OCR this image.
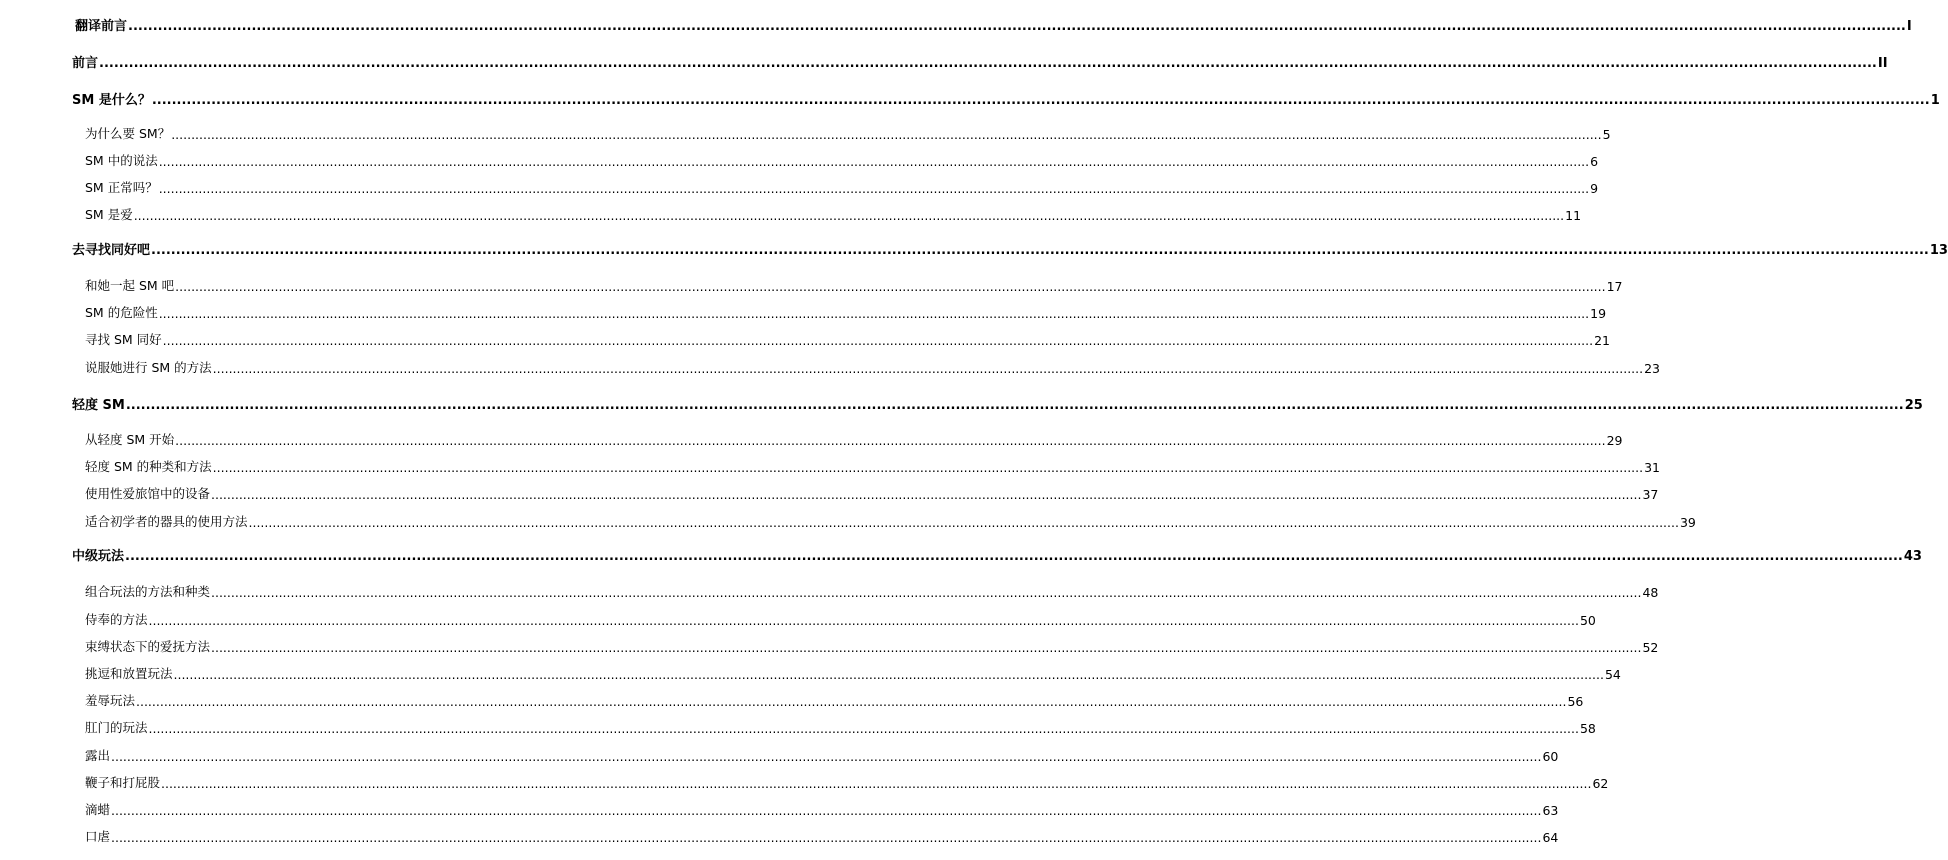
翻译前言 .....	I
前言 .....	II
SM 是什么？ .....	1
为什么要 SM？ .....	5
SM 中的说法 .....	6
SM 正常吗？ .....	9
SM 是爱 .....	11
去寻找同好吧 .....	13
和她一起 SM 吧 .....	17
SM 的危险性 .....	19
寻找 SM 同好 .....	21
说服她进行 SM 的方法 .....	23
轻度 SM .....	25
从轻度 SM 开始 .....	29
轻度 SM 的种类和方法 .....	31
使用性爱旅馆中的设备 .....	37
适合初学者的器具的使用方法 .....	39
中级玩法 .....	43
组合玩法的方法和种类 .....	48
侍奉的方法 .....	50
束缚状态下的爱抚方法 .....	52
挑逗和放置玩法 .....	54
羞辱玩法 .....	56
肛门的玩法 .....	58
露出 .....	60
鞭子和打屁股 .....	62
滴蜡 .....	63
口虐 .....	64
